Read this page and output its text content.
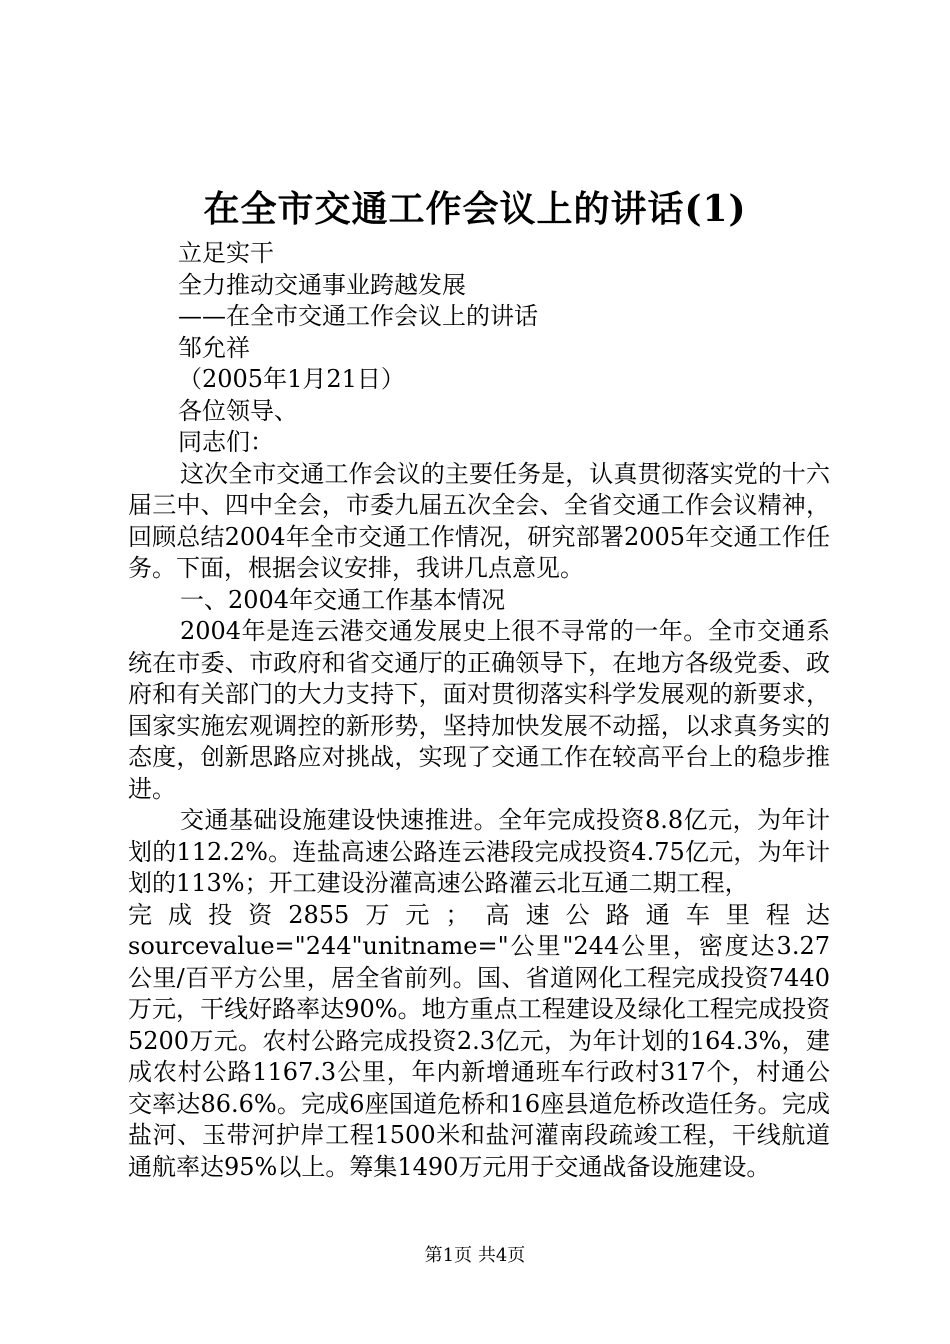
在全市交通工作会议上的讲话(1)
立足实干
全力推动交通事业跨越发展
——在全市交通工作会议上的讲话
邹允祥
（2005年1月21日）
各位领导、
同志们：
这次全市交通工作会议的主要任务是，认真贯彻落实党的十六届三中、四中全会，市委九届五次全会、全省交通工作会议精神，回顾总结2004年全市交通工作情况，研究部署2005年交通工作任务。下面，根据会议安排，我讲几点意见。
一、2004年交通工作基本情况
2004年是连云港交通发展史上很不寻常的一年。全市交通系统在市委、市政府和省交通厅的正确领导下，在地方各级党委、政府和有关部门的大力支持下，面对贯彻落实科学发展观的新要求，国家实施宏观调控的新形势，坚持加快发展不动摇，以求真务实的态度，创新思路应对挑战，实现了交通工作在较高平台上的稳步推进。
交通基础设施建设快速推进。全年完成投资8.8亿元，为年计划的112.2%。连盐高速公路连云港段完成投资4.75亿元，为年计划的113%；开工建设汾灌高速公路灌云北互通二期工程，
完成投资2855万元；高速公路通车里程达
sourcevalue="244"unitname="公里"244公里，密度达3.27公里/百平方公里，居全省前列。国、省道网化工程完成投资7440万元，干线好路率达90%。地方重点工程建设及绿化工程完成投资5200万元。农村公路完成投资2.3亿元，为年计划的164.3%，建成农村公路1167.3公里，年内新增通班车行政村317个，村通公交率达86.6%。完成6座国道危桥和16座县道危桥改造任务。完成盐河、玉带河护岸工程1500米和盐河灌南段疏竣工程，干线航道通航率达95%以上。筹集1490万元用于交通战备设施建设。
第1页 共4页
